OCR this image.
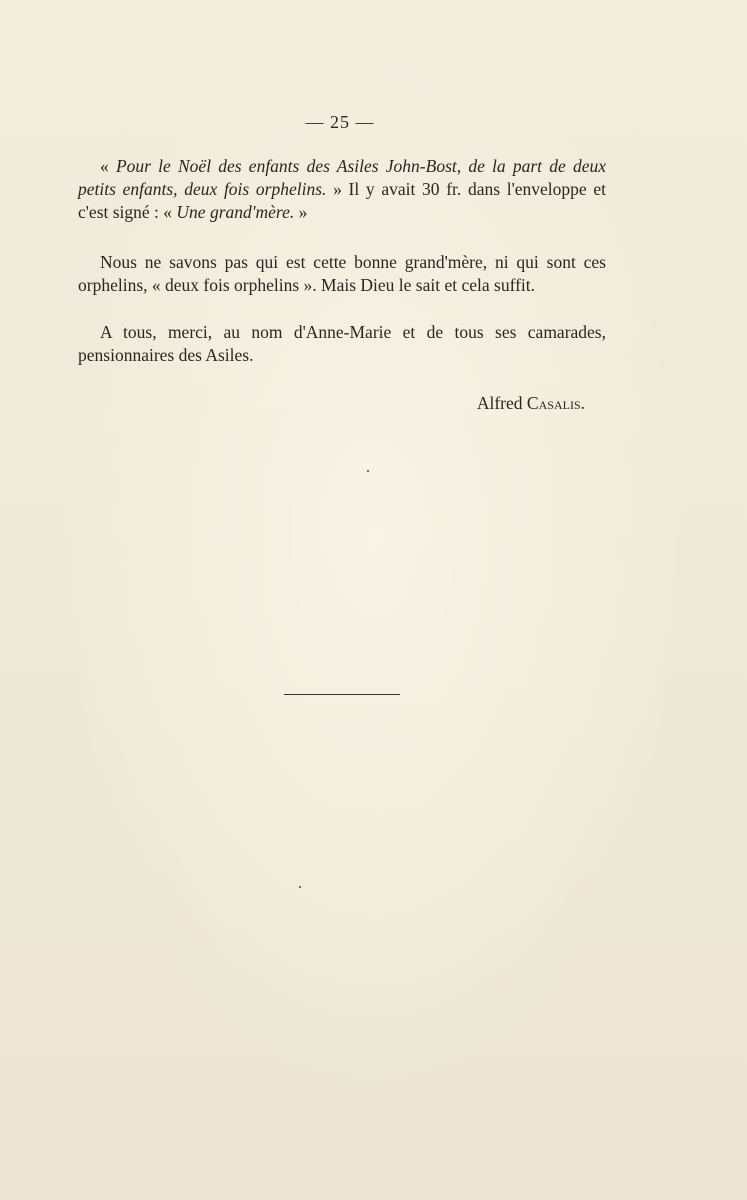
— 25 —
« Pour le Noël des enfants des Asiles John-Bost, de la part de deux petits enfants, deux fois orphelins. » Il y avait 30 fr. dans l'enveloppe et c'est signé : « Une grand'mère. »
Nous ne savons pas qui est cette bonne grand'mère, ni qui sont ces orphelins, « deux fois orphelins ». Mais Dieu le sait et cela suffit.
A tous, merci, au nom d'Anne-Marie et de tous ses camarades, pensionnaires des Asiles.
Alfred Casalis.
